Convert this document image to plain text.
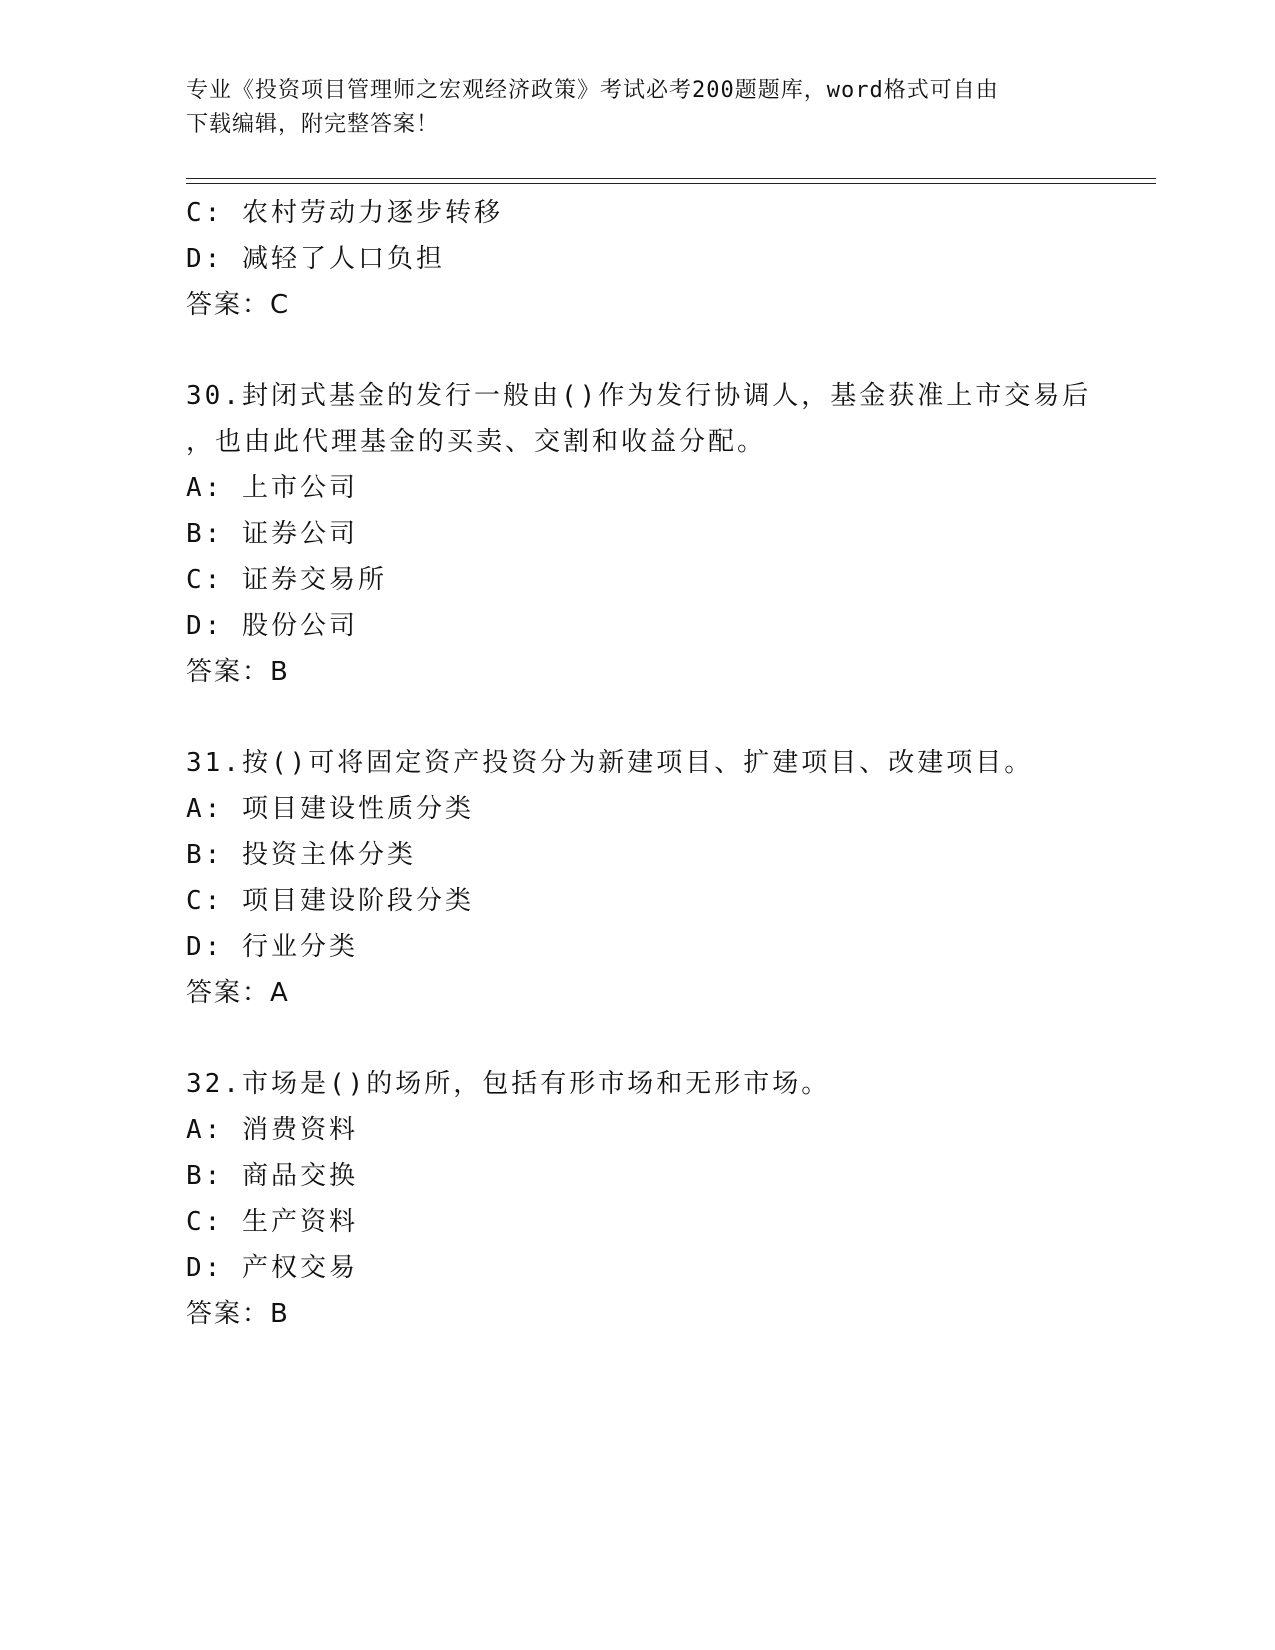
专业《投资项目管理师之宏观经济政策》考试必考200题题库，word格式可自由
下载编辑，附完整答案！
C: 农村劳动力逐步转移
D: 减轻了人口负担
答案：C
30.封闭式基金的发行一般由()作为发行协调人，基金获准上市交易后
，也由此代理基金的买卖、交割和收益分配。
A: 上市公司
B: 证券公司
C: 证券交易所
D: 股份公司
答案：B
31.按()可将固定资产投资分为新建项目、扩建项目、改建项目。
A: 项目建设性质分类
B: 投资主体分类
C: 项目建设阶段分类
D: 行业分类
答案：A
32.市场是()的场所，包括有形市场和无形市场。
A: 消费资料
B: 商品交换
C: 生产资料
D: 产权交易
答案：B
